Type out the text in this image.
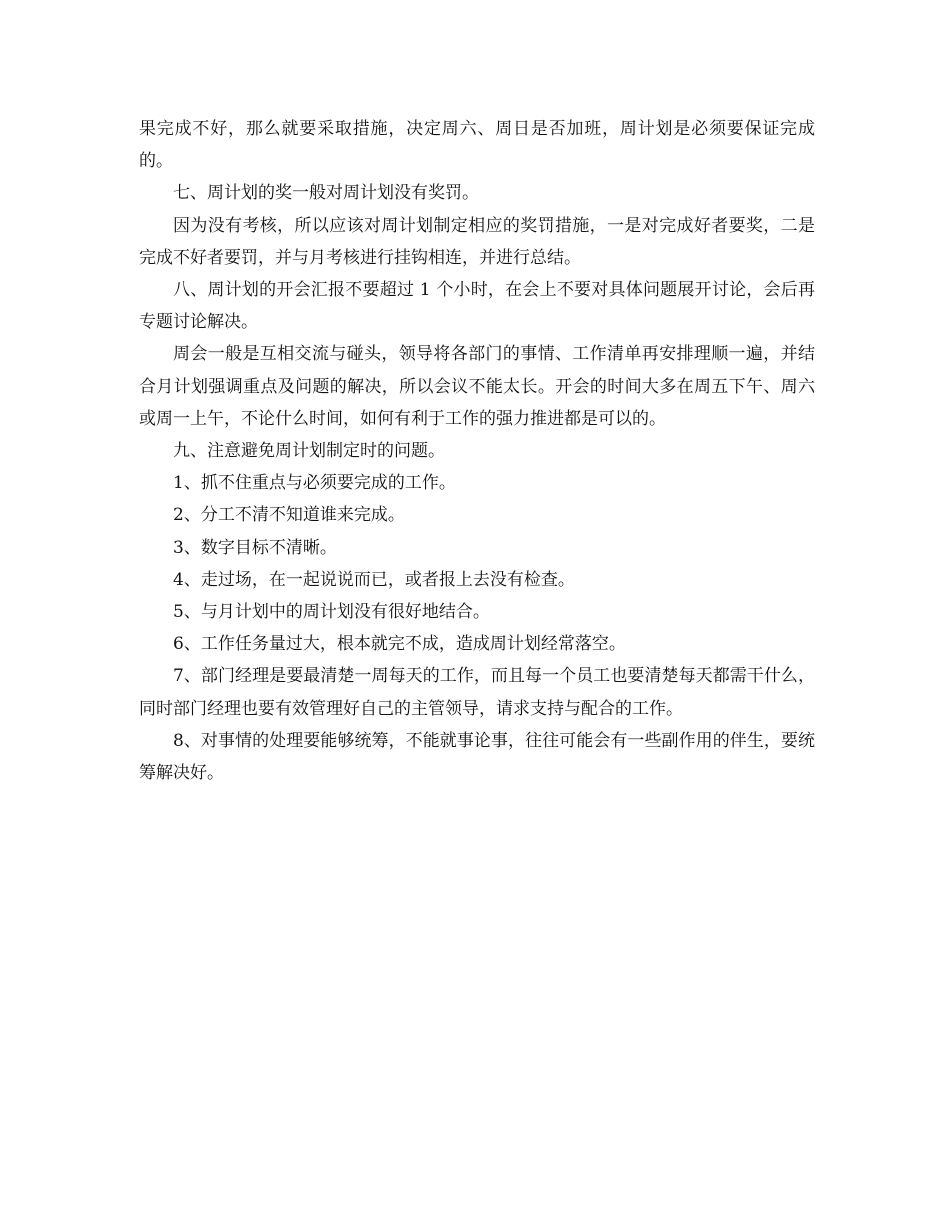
果完成不好，那么就要采取措施，决定周六、周日是否加班，周计划是必须要保证完成的。

七、周计划的奖一般对周计划没有奖罚。

因为没有考核，所以应该对周计划制定相应的奖罚措施，一是对完成好者要奖，二是完成不好者要罚，并与月考核进行挂钩相连，并进行总结。

八、周计划的开会汇报不要超过 1 个小时，在会上不要对具体问题展开讨论，会后再专题讨论解决。

周会一般是互相交流与碰头，领导将各部门的事情、工作清单再安排理顺一遍，并结合月计划强调重点及问题的解决，所以会议不能太长。开会的时间大多在周五下午、周六或周一上午，不论什么时间，如何有利于工作的强力推进都是可以的。

九、注意避免周计划制定时的问题。

1、抓不住重点与必须要完成的工作。

2、分工不清不知道谁来完成。

3、数字目标不清晰。

4、走过场，在一起说说而已，或者报上去没有检查。

5、与月计划中的周计划没有很好地结合。

6、工作任务量过大，根本就完不成，造成周计划经常落空。

7、部门经理是要最清楚一周每天的工作，而且每一个员工也要清楚每天都需干什么，同时部门经理也要有效管理好自己的主管领导，请求支持与配合的工作。

8、对事情的处理要能够统筹，不能就事论事，往往可能会有一些副作用的伴生，要统筹解决好。
